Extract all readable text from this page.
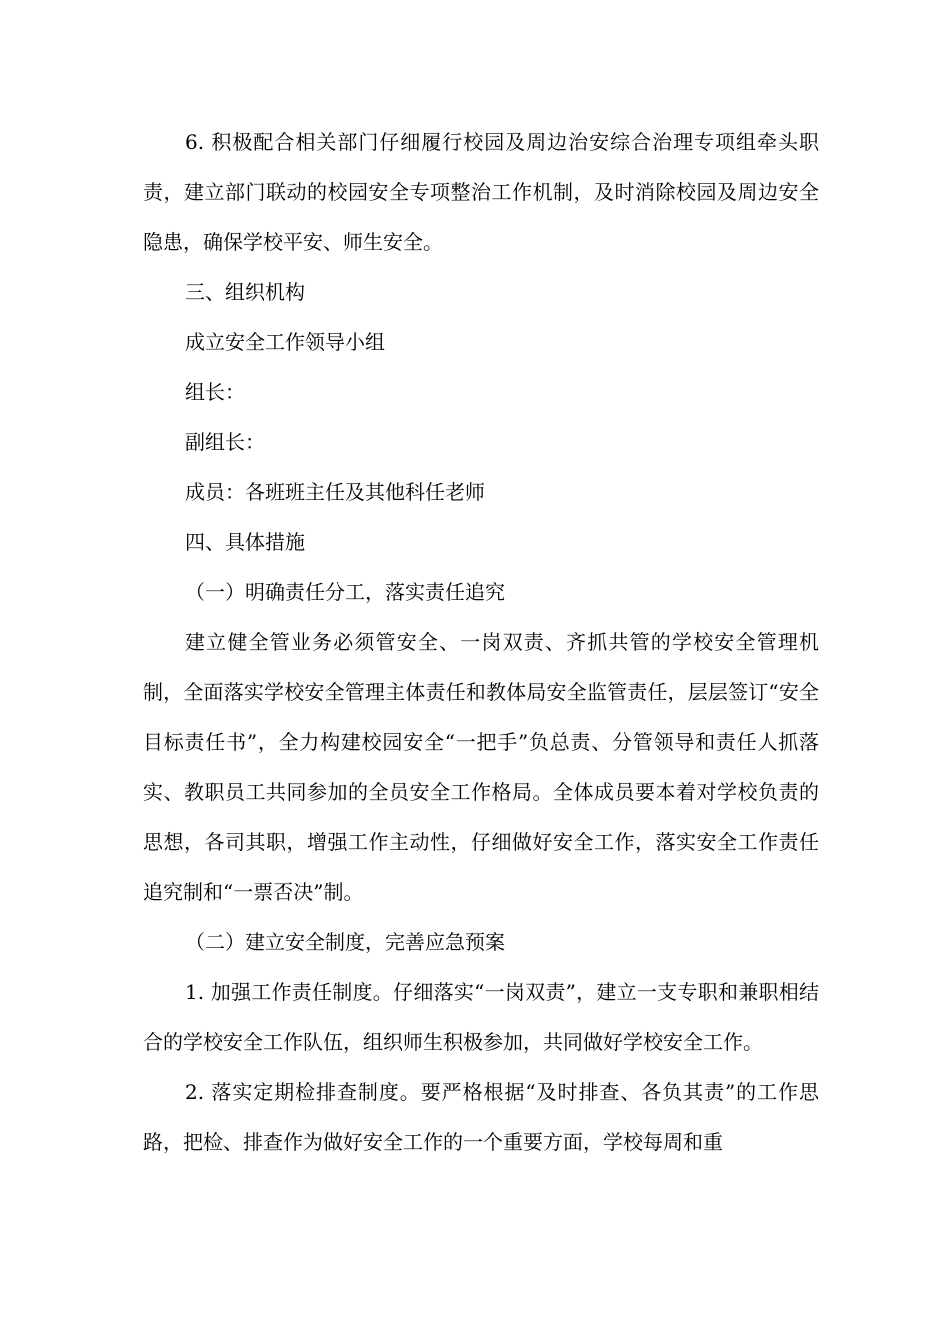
6. 积极配合相关部门仔细履行校园及周边治安综合治理专项组牵头职责，建立部门联动的校园安全专项整治工作机制，及时消除校园及周边安全隐患，确保学校平安、师生安全。

三、组织机构

成立安全工作领导小组

组长：

副组长：

成员：各班班主任及其他科任老师

四、具体措施

（一）明确责任分工，落实责任追究

建立健全管业务必须管安全、一岗双责、齐抓共管的学校安全管理机制，全面落实学校安全管理主体责任和教体局安全监管责任，层层签订“安全目标责任书”，全力构建校园安全“一把手”负总责、分管领导和责任人抓落实、教职员工共同参加的全员安全工作格局。全体成员要本着对学校负责的思想，各司其职，增强工作主动性，仔细做好安全工作，落实安全工作责任追究制和“一票否决”制。

（二）建立安全制度，完善应急预案

1. 加强工作责任制度。仔细落实“一岗双责”，建立一支专职和兼职相结合的学校安全工作队伍，组织师生积极参加，共同做好学校安全工作。

2. 落实定期检排查制度。要严格根据“及时排查、各负其责”的工作思路，把检、排查作为做好安全工作的一个重要方面，学校每周和重
